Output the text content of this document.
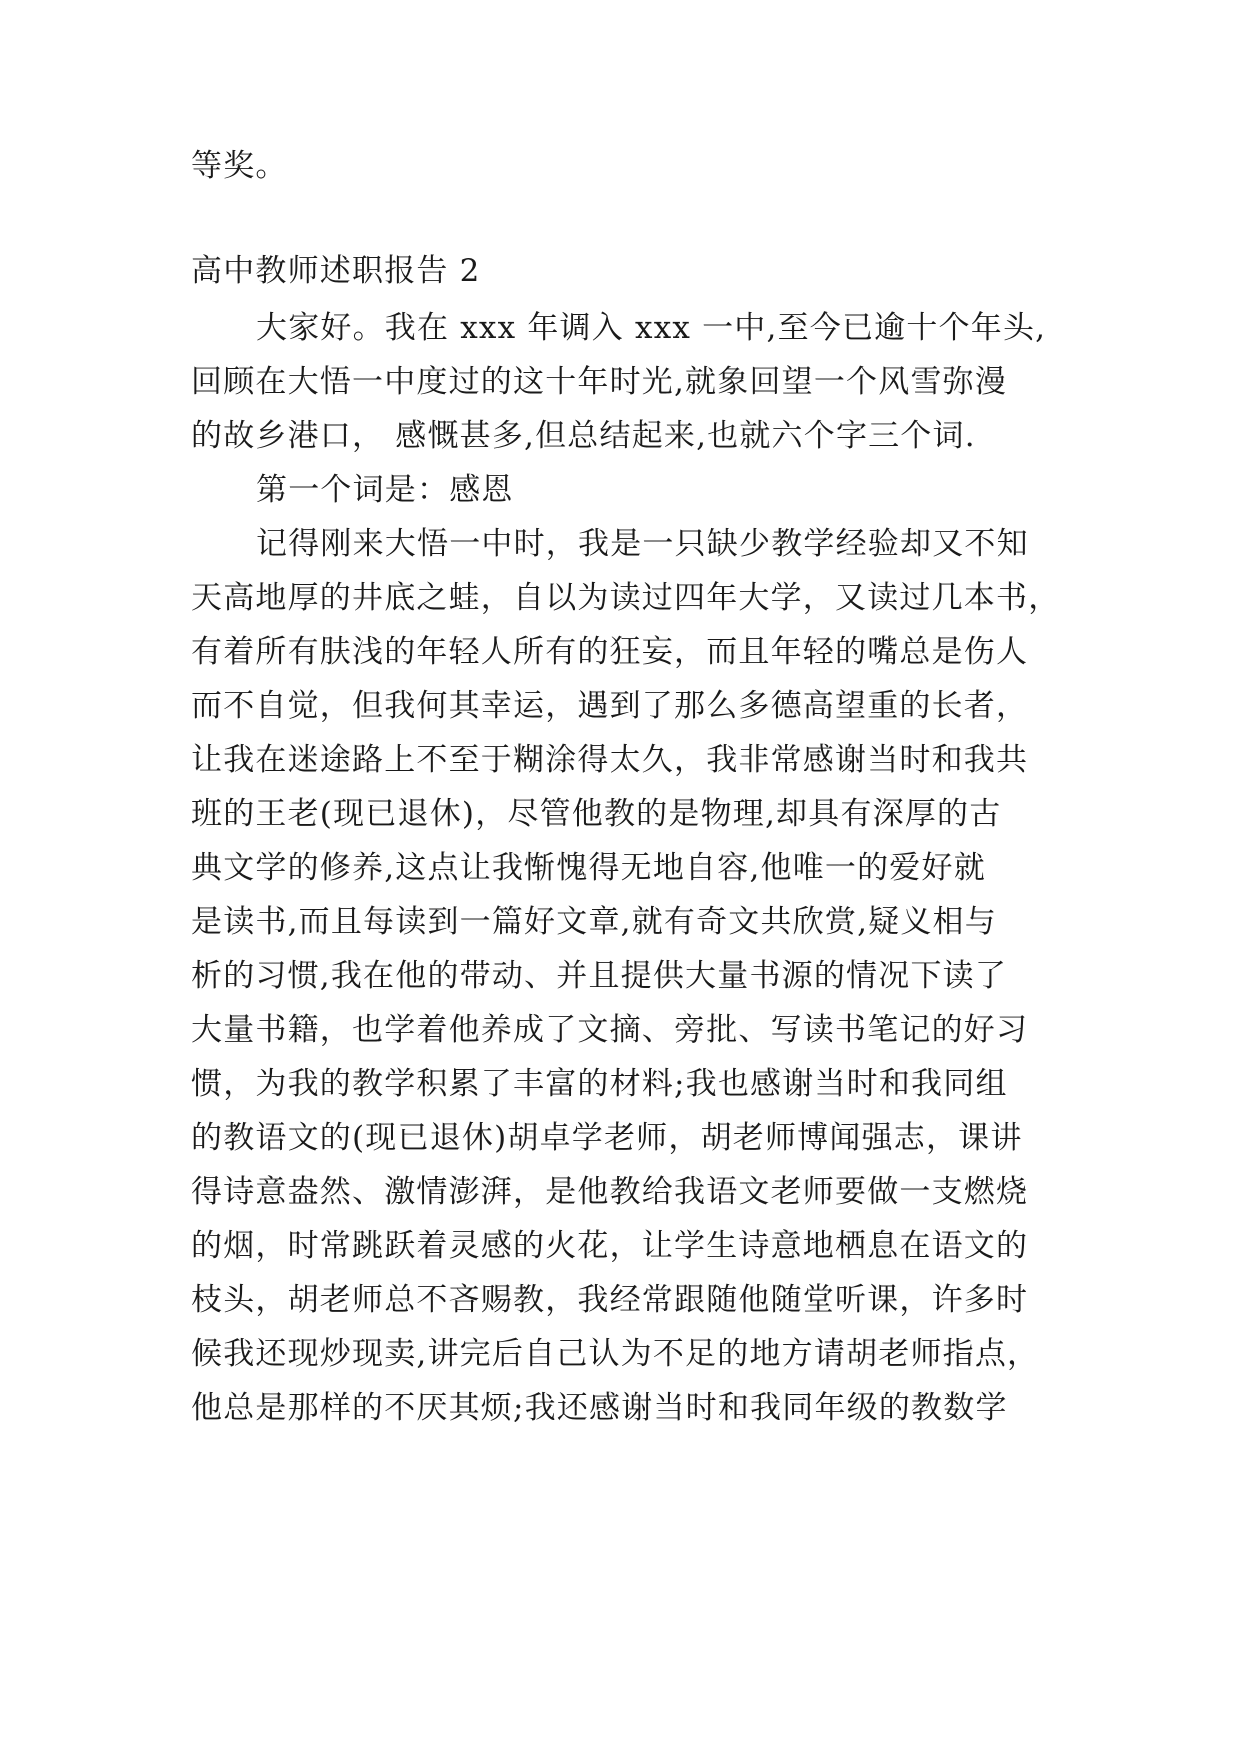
等奖。
高中教师述职报告 2
大家好。我在 xxx 年调入 xxx 一中,至今已逾十个年头,
回顾在大悟一中度过的这十年时光,就象回望一个风雪弥漫
的故乡港口， 感慨甚多,但总结起来,也就六个字三个词.
第一个词是：感恩
记得刚来大悟一中时，我是一只缺少教学经验却又不知
天高地厚的井底之蛙，自以为读过四年大学，又读过几本书，
有着所有肤浅的年轻人所有的狂妄，而且年轻的嘴总是伤人
而不自觉，但我何其幸运，遇到了那么多德高望重的长者，
让我在迷途路上不至于糊涂得太久，我非常感谢当时和我共
班的王老(现已退休)，尽管他教的是物理,却具有深厚的古
典文学的修养,这点让我惭愧得无地自容,他唯一的爱好就
是读书,而且每读到一篇好文章,就有奇文共欣赏,疑义相与
析的习惯,我在他的带动、并且提供大量书源的情况下读了
大量书籍，也学着他养成了文摘、旁批、写读书笔记的好习
惯，为我的教学积累了丰富的材料;我也感谢当时和我同组
的教语文的(现已退休)胡卓学老师，胡老师博闻强志，课讲
得诗意盎然、激情澎湃，是他教给我语文老师要做一支燃烧
的烟，时常跳跃着灵感的火花，让学生诗意地栖息在语文的
枝头，胡老师总不吝赐教，我经常跟随他随堂听课，许多时
候我还现炒现卖,讲完后自己认为不足的地方请胡老师指点，
他总是那样的不厌其烦;我还感谢当时和我同年级的教数学
